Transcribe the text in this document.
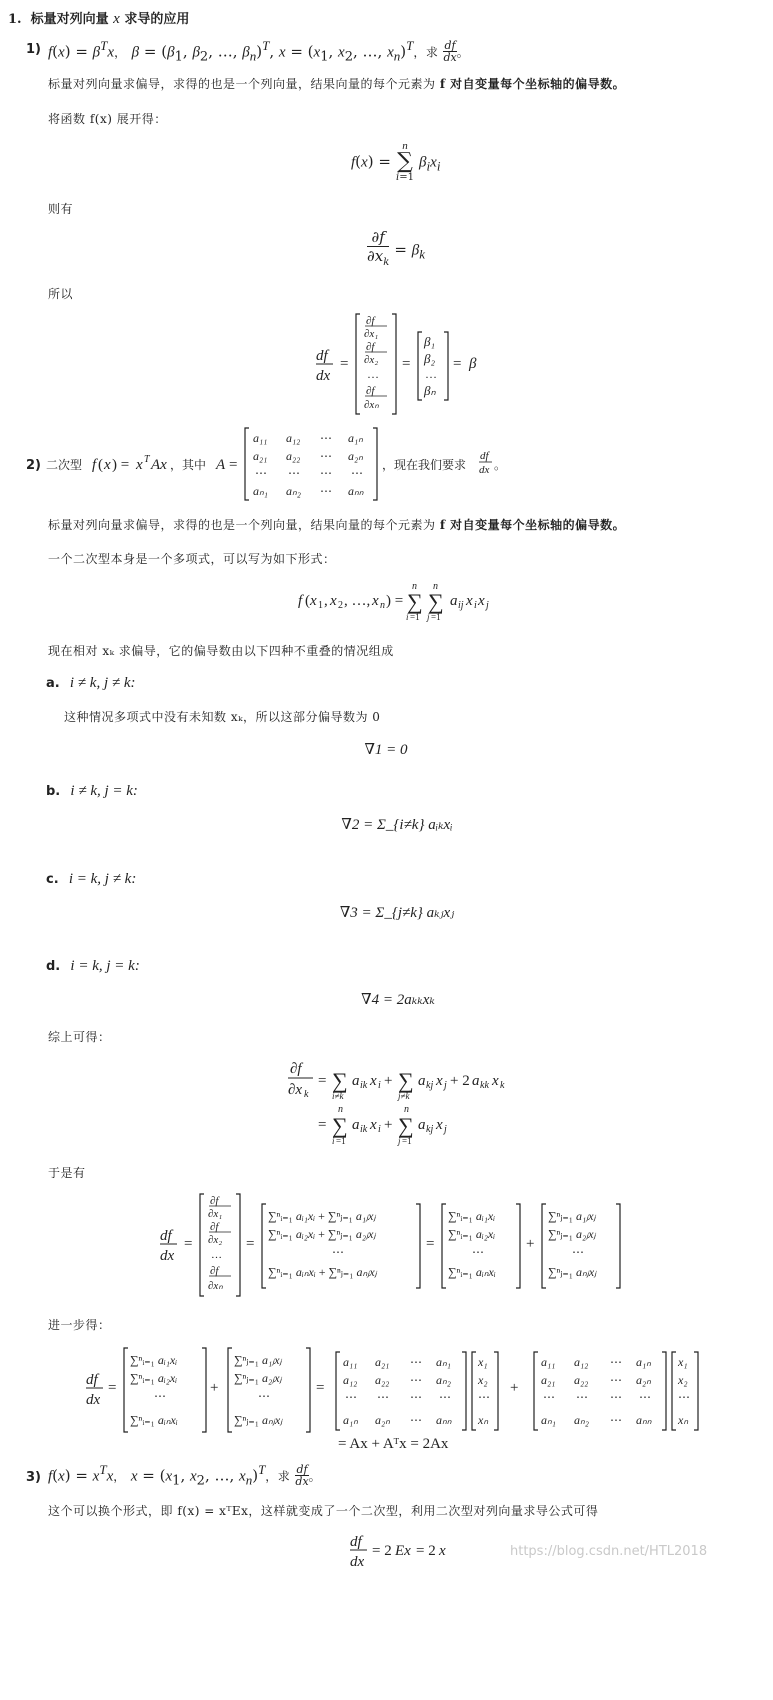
1.  标量对列向量 x 求导的应用
1) $f(x) = \beta^Tx$， $\beta = (\beta_1$, $\beta_2$, …, $\beta_n)^T$, $x = (x_1$, $x_2$, …, $x_n)^T$，求 $\frac{df}{dx}$ 。
标量对列向量求偏导，求得的也是一个列向量，结果向量的每个元素为 f 对自变量每个坐标轴的偏导数。
将函数 f(x) 展开得：
f(x) =
n
∑
i=1
$\beta_ix_i$
则有
$\frac{\partial f}{\partial x_k} = \beta_k$
所以
df
dx
=
∂f
∂x₁
∂f
∂x₂
…
∂f
∂xₙ
=
β₁
β₂
…
βₙ
= β
2) 二次型 f ( x ) = x T Ax ，其中 A =
a₁₁ a₁₂ ⋯ a₁ₙ
a₂₁ a₂₂ ⋯ a₂ₙ
⋯ ⋯ ⋯ ⋯
aₙ₁ aₙ₂ ⋯ aₙₙ
，现在我们要求
df
dx 。
标量对列向量求偏导，求得的也是一个列向量，结果向量的每个元素为 f 对自变量每个坐标轴的偏导数。
一个二次型本身是一个多项式，可以写为如下形式：
f ( x 1 , x 2 , …, x n ) =
n
∑
i =1
n
∑
j =1
a ij x i x j
现在相对 xₖ 求偏导，它的偏导数由以下四种不重叠的情况组成
a. i ≠ k, j ≠ k:
这种情况多项式中没有未知数 xₖ，所以这部分偏导数为 0
∇1 = 0
b. i ≠ k, j = k:
∇2 = Σ_{i≠k} aᵢₖxᵢ
c. i = k, j ≠ k:
∇3 = Σ_{j≠k} aₖⱼxⱼ
d. i = k, j = k:
∇4 = 2aₖₖxₖ
综上可得：
∂f
∂x k
= ∑
i≠k
a ik x i + ∑
j≠k
a kj x j + 2 a kk x k
=
n
∑
i =1
a ik x i +
n
∑
j =1
a kj x j
于是有
df
dx
=
∂f
∂x₁
∂f
∂x₂
…
∂f
∂xₙ
=
∑ⁿᵢ₌₁ aᵢ₁xᵢ + ∑ⁿⱼ₌₁ a₁ⱼxⱼ
∑ⁿᵢ₌₁ aᵢ₂xᵢ + ∑ⁿⱼ₌₁ a₂ⱼxⱼ
⋯
∑ⁿᵢ₌₁ aᵢₙxᵢ + ∑ⁿⱼ₌₁ aₙⱼxⱼ
=
∑ⁿᵢ₌₁ aᵢ₁xᵢ
∑ⁿᵢ₌₁ aᵢ₂xᵢ
⋯
∑ⁿᵢ₌₁ aᵢₙxᵢ
+
∑ⁿⱼ₌₁ a₁ⱼxⱼ
∑ⁿⱼ₌₁ a₂ⱼxⱼ
⋯
∑ⁿⱼ₌₁ aₙⱼxⱼ
进一步得：
df
dx
=
∑ⁿᵢ₌₁ aᵢ₁xᵢ
∑ⁿᵢ₌₁ aᵢ₂xᵢ
⋯
∑ⁿᵢ₌₁ aᵢₙxᵢ
+
∑ⁿⱼ₌₁ a₁ⱼxⱼ
∑ⁿⱼ₌₁ a₂ⱼxⱼ
⋯
∑ⁿⱼ₌₁ aₙⱼxⱼ
=
a₁₁ a₂₁ ⋯ aₙ₁
a₁₂ a₂₂ ⋯ aₙ₂
⋯ ⋯ ⋯ ⋯
a₁ₙ a₂ₙ ⋯ aₙₙ
x₁
x₂
⋯
xₙ
+
a₁₁ a₁₂ ⋯ a₁ₙ
a₂₁ a₂₂ ⋯ a₂ₙ
⋯ ⋯ ⋯ ⋯
aₙ₁ aₙ₂ ⋯ aₙₙ
x₁
x₂
⋯
xₙ
= Ax + Aᵀx = 2Ax
3) $f(x) = x^Tx$， $x = (x_1$, $x_2$, …, $x_n)^T$，求 $\frac{df}{dx}$ 。
这个可以换个形式，即 f(x) = xᵀEx，这样就变成了一个二次型，利用二次型对列向量求导公式可得
df
dx
= 2 Ex = 2 x	https://blog.csdn.net/HTL2018
